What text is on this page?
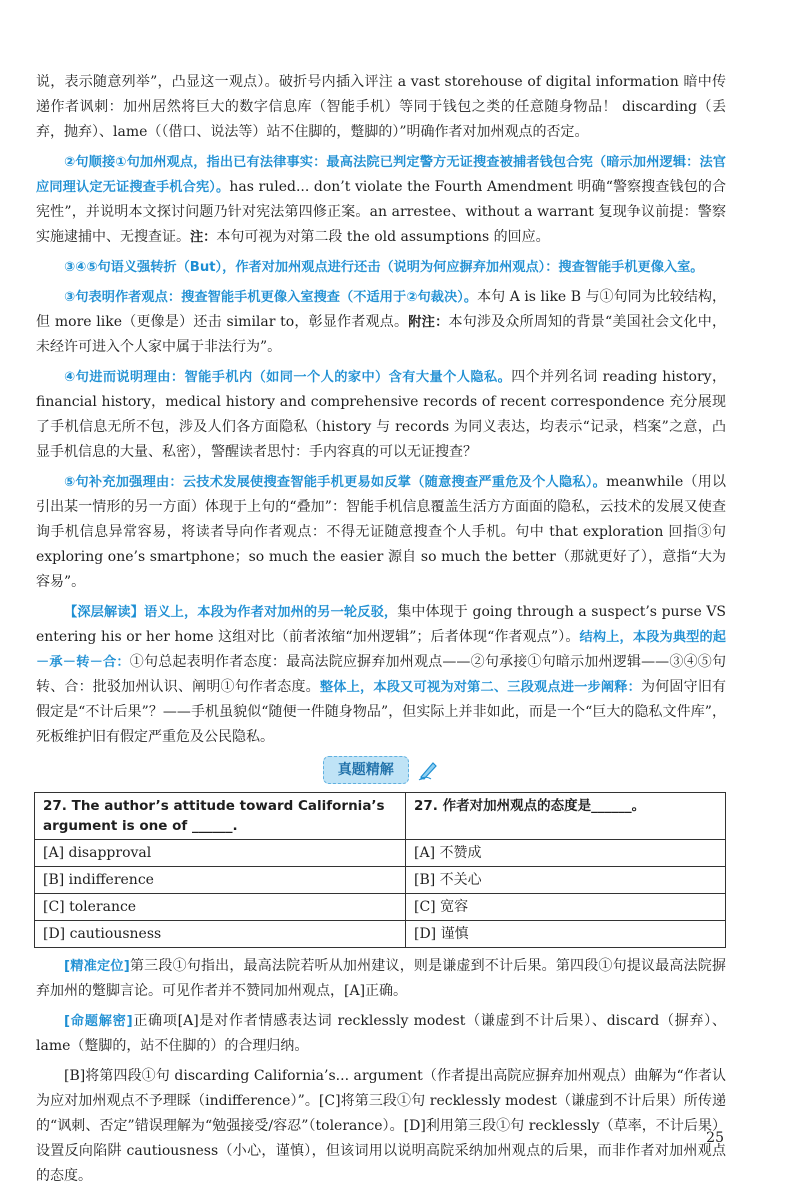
说，表示随意列举”，凸显这一观点）。破折号内插入评注 a vast storehouse of digital information 暗中传递作者讽刺：加州居然将巨大的数字信息库（智能手机）等同于钱包之类的任意随身物品！ discarding（丢弃，抛弃）、lame（（借口、说法等）站不住脚的，蹩脚的）”明确作者对加州观点的否定。

②句顺接①句加州观点，指出已有法律事实：最高法院已判定警方无证搜查被捕者钱包合宪（暗示加州逻辑：法官应同理认定无证搜查手机合宪）。has ruled... don’t violate the Fourth Amendment 明确“警察搜查钱包的合宪性”，并说明本文探讨问题乃针对宪法第四修正案。an arrestee、without a warrant 复现争议前提：警察实施逮捕中、无搜查证。注：本句可视为对第二段 the old assumptions 的回应。

③④⑤句语义强转折（But），作者对加州观点进行还击（说明为何应摒弃加州观点）：搜查智能手机更像入室。

③句表明作者观点：搜查智能手机更像入室搜查（不适用于②句裁决）。本句 A is like B 与①句同为比较结构，但 more like（更像是）还击 similar to，彰显作者观点。附注：本句涉及众所周知的背景“美国社会文化中，未经许可进入个人家中属于非法行为”。

④句进而说明理由：智能手机内（如同一个人的家中）含有大量个人隐私。四个并列名词 reading history，financial history，medical history and comprehensive records of recent correspondence 充分展现了手机信息无所不包，涉及人们各方面隐私（history 与 records 为同义表达，均表示“记录，档案”之意，凸显手机信息的大量、私密），警醒读者思忖：手内容真的可以无证搜查？

⑤句补充加强理由：云技术发展使搜查智能手机更易如反掌（随意搜查严重危及个人隐私）。meanwhile（用以引出某一情形的另一方面）体现于上句的“叠加”：智能手机信息覆盖生活方方面面的隐私，云技术的发展又使查询手机信息异常容易，将读者导向作者观点：不得无证随意搜查个人手机。句中 that exploration 回指③句 exploring one’s smartphone；so much the easier 源自 so much the better（那就更好了），意指“大为容易”。

【深层解读】语义上，本段为作者对加州的另一轮反驳，集中体现于 going through a suspect’s purse VS entering his or her home 这组对比（前者浓缩“加州逻辑”；后者体现“作者观点”）。结构上，本段为典型的起－承－转－合：①句总起表明作者态度：最高法院应摒弃加州观点——②句承接①句暗示加州逻辑——③④⑤句转、合：批驳加州认识、阐明①句作者态度。整体上，本段又可视为对第二、三段观点进一步阐释：为何固守旧有假定是“不计后果”？——手机虽貌似“随便一件随身物品”，但实际上并非如此，而是一个“巨大的隐私文件库”，死板维护旧有假定严重危及公民隐私。

真题精解
27. The author’s attitude toward California’s argument is one of ______.	27. 作者对加州观点的态度是______。
[A] disapproval	[A] 不赞成
[B] indifference	[B] 不关心
[C] tolerance	[C] 宽容
[D] cautiousness	[D] 谨慎

[精准定位]第三段①句指出，最高法院若听从加州建议，则是谦虚到不计后果。第四段①句提议最高法院摒弃加州的蹩脚言论。可见作者并不赞同加州观点，[A]正确。

[命题解密]正确项[A]是对作者情感表达词 recklessly modest（谦虚到不计后果）、discard（摒弃）、lame（蹩脚的，站不住脚的）的合理归纳。

[B]将第四段①句 discarding California’s... argument（作者提出高院应摒弃加州观点）曲解为“作者认为应对加州观点不予理睬（indifference）”。[C]将第三段①句 recklessly modest（谦虚到不计后果）所传递的“讽刺、否定”错误理解为“勉强接受/容忍”（tolerance）。[D]利用第三段①句 recklessly（草率，不计后果）设置反向陷阱 cautiousness（小心，谨慎），但该词用以说明高院采纳加州观点的后果，而非作者对加州观点的态度。

25
